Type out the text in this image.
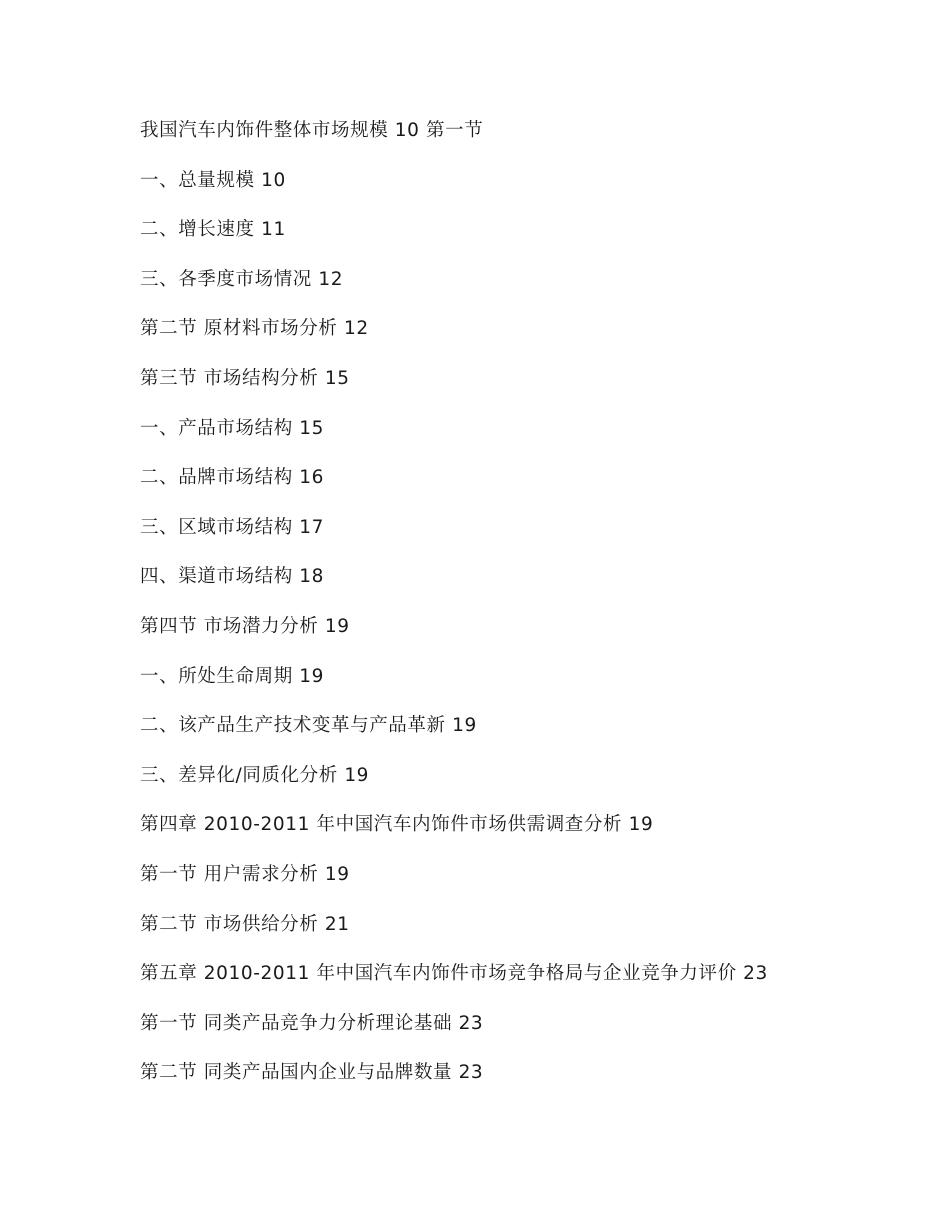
我国汽车内饰件整体市场规模 10 第一节
一、总量规模 10
二、增长速度 11
三、各季度市场情况 12
第二节 原材料市场分析 12
第三节 市场结构分析 15
一、产品市场结构 15
二、品牌市场结构 16
三、区域市场结构 17
四、渠道市场结构 18
第四节 市场潜力分析 19
一、所处生命周期 19
二、该产品生产技术变革与产品革新 19
三、差异化/同质化分析 19
第四章 2010-2011 年中国汽车内饰件市场供需调查分析 19
第一节 用户需求分析 19
第二节 市场供给分析 21
第五章 2010-2011 年中国汽车内饰件市场竞争格局与企业竞争力评价 23
第一节 同类产品竞争力分析理论基础 23
第二节 同类产品国内企业与品牌数量 23
